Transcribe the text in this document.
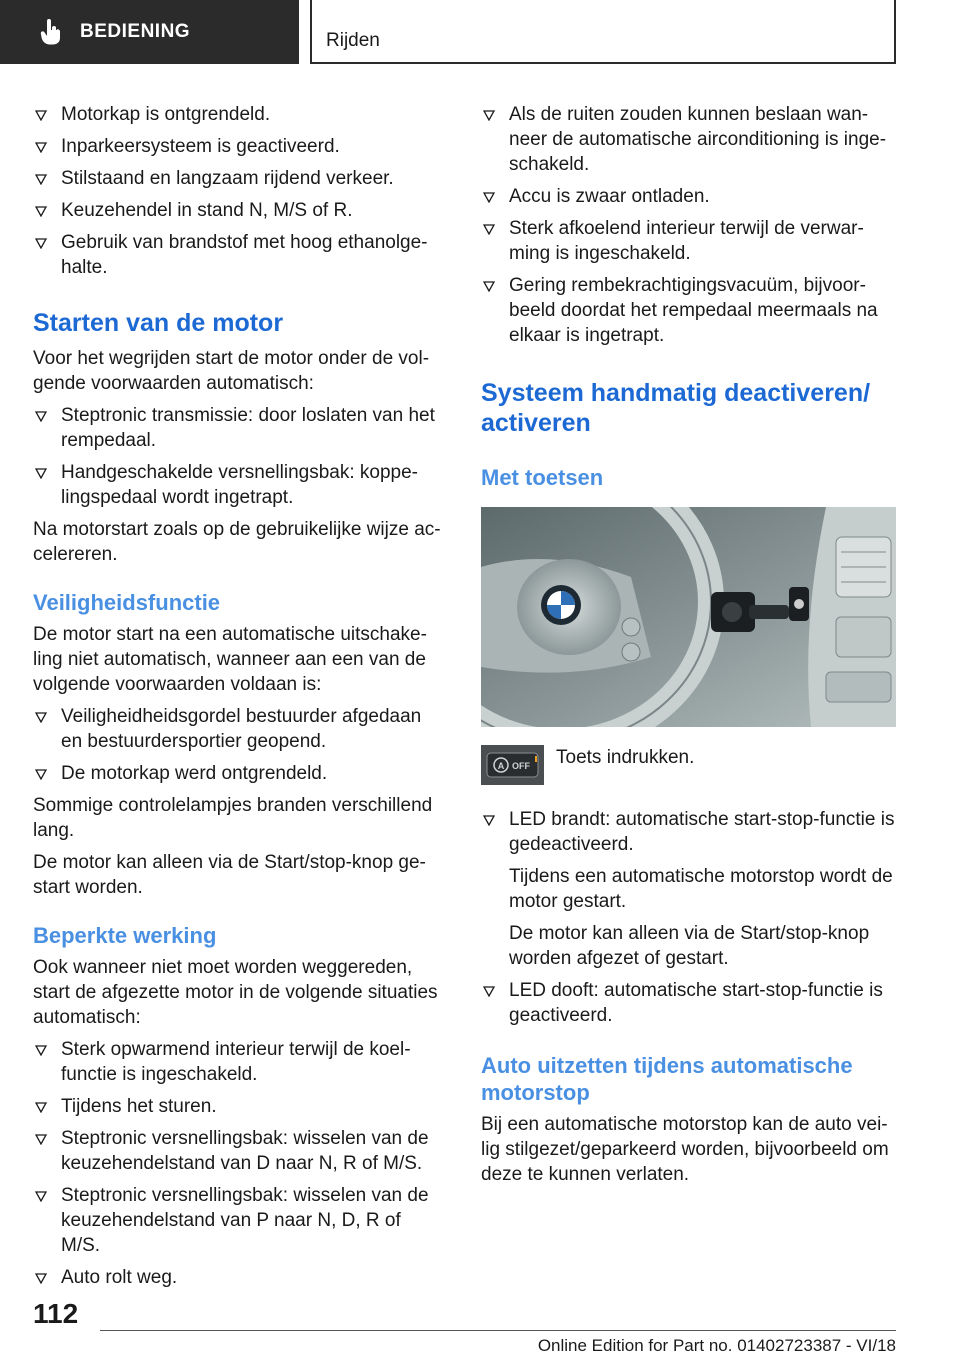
BEDIENING	Rijden
Motorkap is ontgrendeld.
Inparkeersysteem is geactiveerd.
Stilstaand en langzaam rijdend verkeer.
Keuzehendel in stand N, M/S of R.
Gebruik van brandstof met hoog ethanolge‐ halte.
Starten van de motor

Voor het wegrijden start de motor onder de vol‐ gende voorwaarden automatisch:

Steptronic transmissie: door loslaten van het rempedaal.
Handgeschakelde versnellingsbak: koppe‐ lingspedaal wordt ingetrapt.

Na motorstart zoals op de gebruikelijke wijze ac‐ celereren.

Veiligheidsfunctie

De motor start na een automatische uitschake‐ ling niet automatisch, wanneer aan een van de volgende voorwaarden voldaan is:

Veiligheidheidsgordel bestuurder afgedaan en bestuurdersportier geopend.
De motorkap werd ontgrendeld.

Sommige controlelampjes branden verschillend lang.

De motor kan alleen via de Start/stop-knop ge‐ start worden.

Beperkte werking

Ook wanneer niet moet worden weggereden, start de afgezette motor in de volgende situaties automatisch:

Sterk opwarmend interieur terwijl de koel‐ functie is ingeschakeld.
Tijdens het sturen.
Steptronic versnellingsbak: wisselen van de keuzehendelstand van D naar N, R of M/S.
Steptronic versnellingsbak: wisselen van de keuzehendelstand van P naar N, D, R of M/S.
Auto rolt weg.
Als de ruiten zouden kunnen beslaan wan‐ neer de automatische airconditioning is inge‐ schakeld.
Accu is zwaar ontladen.
Sterk afkoelend interieur terwijl de verwar‐ ming is ingeschakeld.
Gering rembekrachtigingsvacuüm, bijvoor‐ beeld doordat het rempedaal meermaals na elkaar is ingetrapt.
Systeem handmatig deactiveren/ activeren
Met toetsen
A OFF Toets indrukken.
LED brandt: automatische start-stop-functie is gedeactiveerd.
Tijdens een automatische motorstop wordt de motor gestart.
De motor kan alleen via de Start/stop-knop worden afgezet of gestart.
LED dooft: automatische start-stop-functie is geactiveerd.
Auto uitzetten tijdens automatische motorstop

Bij een automatische motorstop kan de auto vei‐ lig stilgezet/geparkeerd worden, bijvoorbeeld om deze te kunnen verlaten.

112
Online Edition for Part no. 01402723387 - VI/18
